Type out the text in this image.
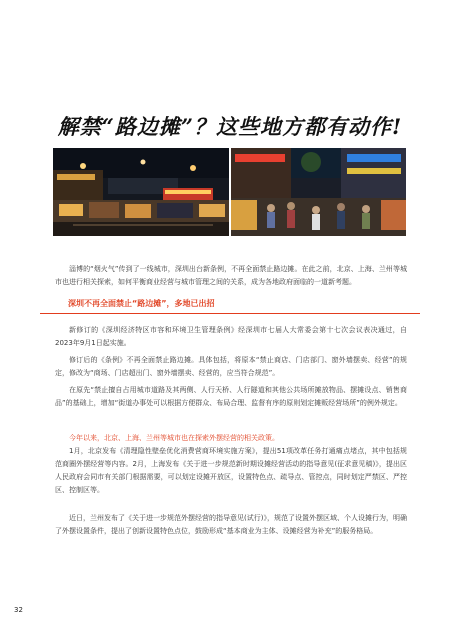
解禁“路边摊”？这些地方都有动作!

淄博的“烟火气”传到了一线城市，深圳出台新条例，不再全面禁止路边摊。在此之前，北京、上海、兰州等城市也进行相关探索，如何平衡商业经营与城市管理之间的关系，成为各地政府面临的一道新考题。

深圳不再全面禁止“路边摊”，多地已出招

新修订的《深圳经济特区市容和环境卫生管理条例》经深圳市七届人大常委会第十七次会议表决通过，自2023年9月1日起实施。

修订后的《条例》不再全面禁止路边摊。具体包括，将原本“禁止商店、门店部门、窗外墙摆卖、经营”的规定，修改为“商场、门店超出门、窗外墙摆卖、经营的，应当符合规范”。

在原先“禁止擅自占用城市道路及其两侧、人行天桥、人行隧道和其他公共场所摊放物品、摆摊设点、销售商品”的基础上，增加“街道办事处可以根据方便群众、布局合理、监督有序的原则划定摊贩经营场所”的例外规定。

今年以来，北京、上海、兰州等城市也在探索外摆经营的相关政策。
1月，北京发布《清理隐性壁垒优化消费营商环境实施方案》，提出51项改革任务打通痛点堵点，其中包括规范商圈外摆经营等内容。2月，上海发布《关于进一步规范新时期设摊经营活动的指导意见(征求意见稿)》，提出区人民政府会同市有关部门根据需要，可以划定设摊开放区，设置特色点、疏导点、管控点，同时划定严禁区、严控区、控制区等。

近日，兰州发布了《关于进一步规范外摆经营的指导意见(试行)》，规范了设置外摆区域、个人设摊行为，明确了外摆设置条件，提出了创新设置特色点位，鼓励形成“基本商业为主体、设摊经营为补充”的服务格局。

32
